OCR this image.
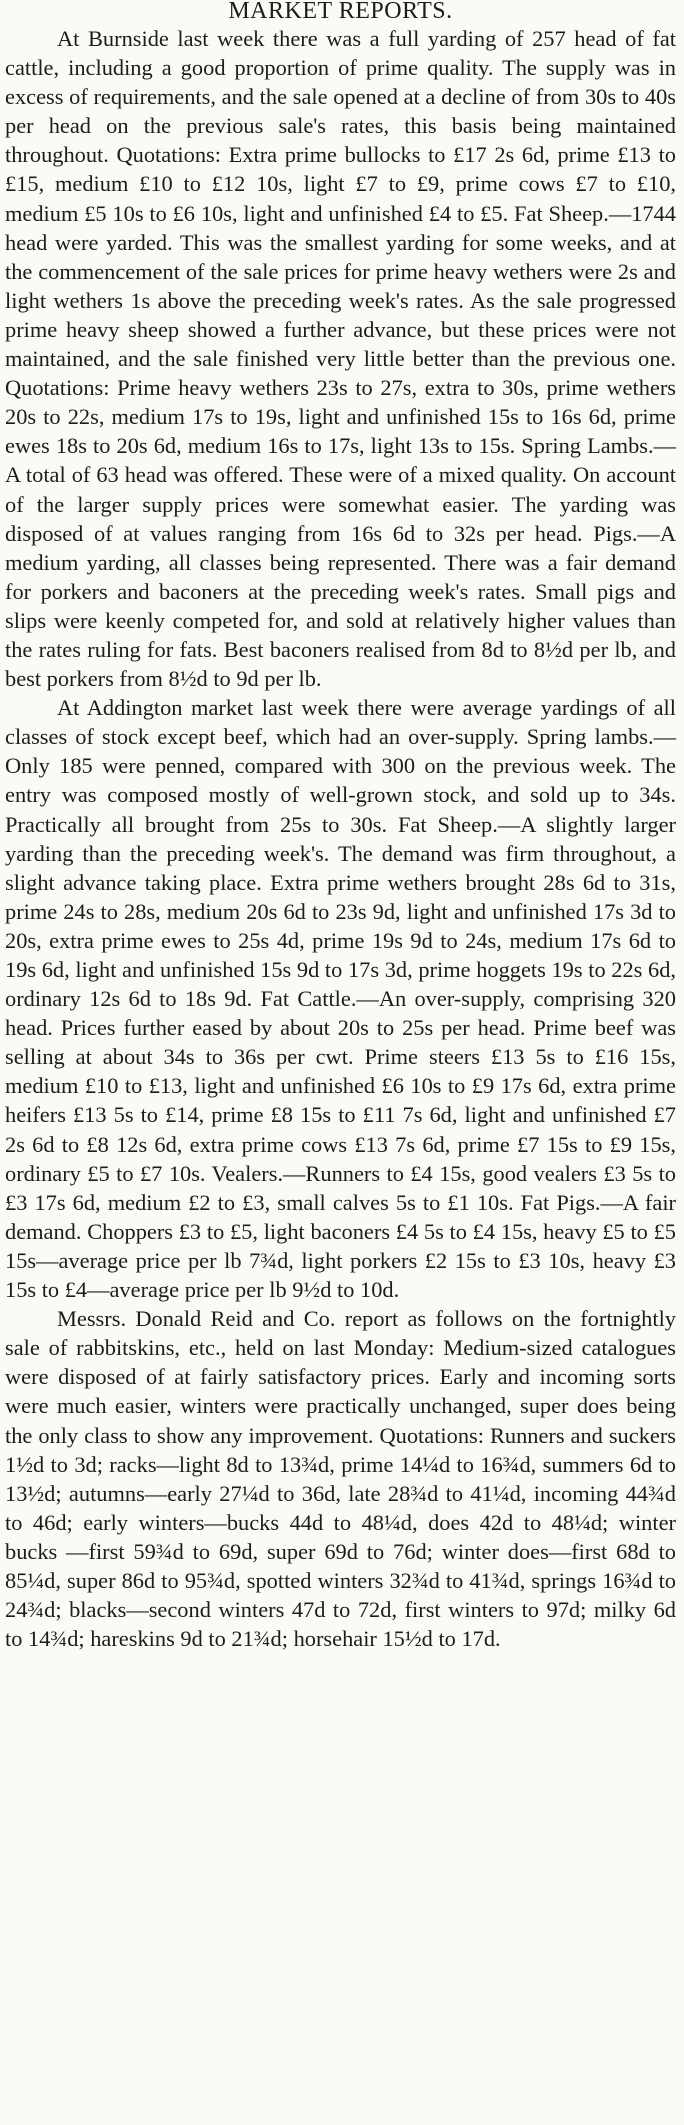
MARKET REPORTS.

At Burnside last week there was a full yarding of 257 head of fat cattle, including a good proportion of prime quality. The supply was in excess of requirements, and the sale opened at a decline of from 30s to 40s per head on the previous sale's rates, this basis being maintained throughout. Quotations: Extra prime bullocks to £17 2s 6d, prime £13 to £15, medium £10 to £12 10s, light £7 to £9, prime cows £7 to £10, medium £5 10s to £6 10s, light and unfinished £4 to £5. Fat Sheep.—1744 head were yarded. This was the smallest yarding for some weeks, and at the commencement of the sale prices for prime heavy wethers were 2s and light wethers 1s above the preceding week's rates. As the sale progressed prime heavy sheep showed a further advance, but these prices were not maintained, and the sale finished very little better than the previous one. Quotations: Prime heavy wethers 23s to 27s, extra to 30s, prime wethers 20s to 22s, medium 17s to 19s, light and unfinished 15s to 16s 6d, prime ewes 18s to 20s 6d, medium 16s to 17s, light 13s to 15s. Spring Lambs.—A total of 63 head was offered. These were of a mixed quality. On account of the larger supply prices were somewhat easier. The yarding was disposed of at values ranging from 16s 6d to 32s per head. Pigs.—A medium yarding, all classes being represented. There was a fair demand for porkers and baconers at the preceding week's rates. Small pigs and slips were keenly competed for, and sold at relatively higher values than the rates ruling for fats. Best baconers realised from 8d to 8½d per lb, and best porkers from 8½d to 9d per lb.

At Addington market last week there were average yardings of all classes of stock except beef, which had an over-supply. Spring lambs.—Only 185 were penned, compared with 300 on the previous week. The entry was composed mostly of well-grown stock, and sold up to 34s. Practically all brought from 25s to 30s. Fat Sheep.—A slightly larger yarding than the preceding week's. The demand was firm throughout, a slight advance taking place. Extra prime wethers brought 28s 6d to 31s, prime 24s to 28s, medium 20s 6d to 23s 9d, light and unfinished 17s 3d to 20s, extra prime ewes to 25s 4d, prime 19s 9d to 24s, medium 17s 6d to 19s 6d, light and unfinished 15s 9d to 17s 3d, prime hoggets 19s to 22s 6d, ordinary 12s 6d to 18s 9d. Fat Cattle.—An over-supply, comprising 320 head. Prices further eased by about 20s to 25s per head. Prime beef was selling at about 34s to 36s per cwt. Prime steers £13 5s to £16 15s, medium £10 to £13, light and unfinished £6 10s to £9 17s 6d, extra prime heifers £13 5s to £14, prime £8 15s to £11 7s 6d, light and unfinished £7 2s 6d to £8 12s 6d, extra prime cows £13 7s 6d, prime £7 15s to £9 15s, ordinary £5 to £7 10s. Vealers.—Runners to £4 15s, good vealers £3 5s to £3 17s 6d, medium £2 to £3, small calves 5s to £1 10s. Fat Pigs.—A fair demand. Choppers £3 to £5, light baconers £4 5s to £4 15s, heavy £5 to £5 15s—average price per lb 7¾d, light porkers £2 15s to £3 10s, heavy £3 15s to £4—average price per lb 9½d to 10d.

Messrs. Donald Reid and Co. report as follows on the fortnightly sale of rabbitskins, etc., held on last Monday: Medium-sized catalogues were disposed of at fairly satisfactory prices. Early and incoming sorts were much easier, winters were practically unchanged, super does being the only class to show any improvement. Quotations: Runners and suckers 1½d to 3d; racks—light 8d to 13¾d, prime 14¼d to 16¾d, summers 6d to 13½d; autumns—early 27¼d to 36d, late 28¾d to 41¼d, incoming 44¾d to 46d; early winters—bucks 44d to 48¼d, does 42d to 48¼d; winter bucks —first 59¾d to 69d, super 69d to 76d; winter does—first 68d to 85¼d, super 86d to 95¾d, spotted winters 32¾d to 41¾d, springs 16¾d to 24¾d; blacks—second winters 47d to 72d, first winters to 97d; milky 6d to 14¾d; hareskins 9d to 21¾d; horsehair 15½d to 17d.
